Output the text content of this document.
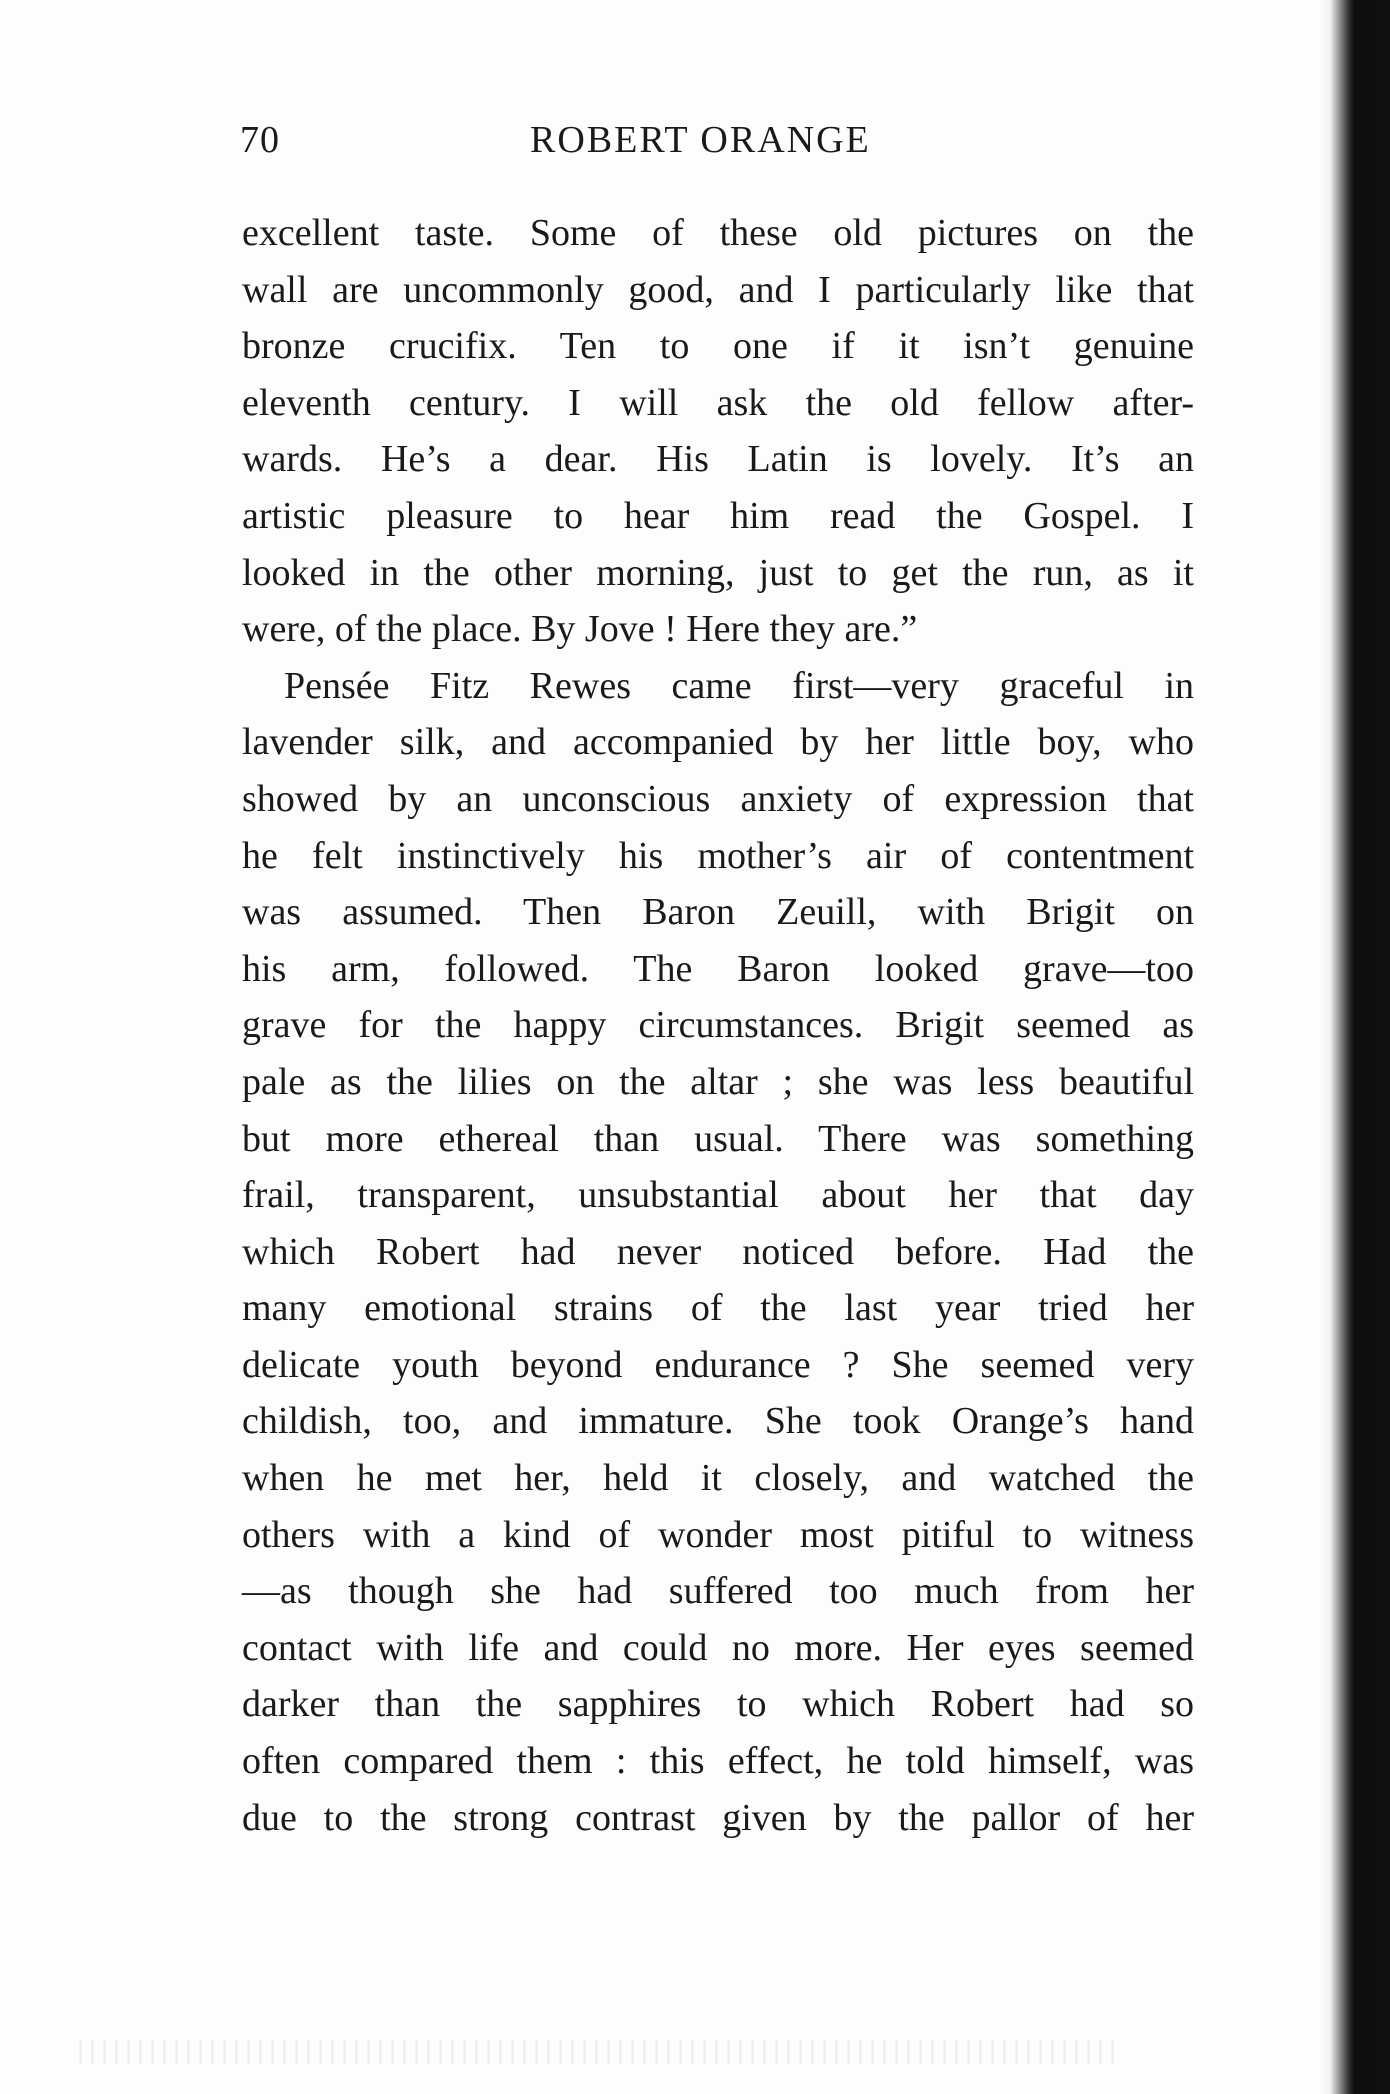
70	ROBERT ORANGE
excellent taste. Some of these old pictures on the
wall are uncommonly good, and I particularly like that
bronze crucifix. Ten to one if it isn’t genuine
eleventh century. I will ask the old fellow after-
wards. He’s a dear. His Latin is lovely. It’s an
artistic pleasure to hear him read the Gospel. I
looked in the other morning, just to get the run, as it
were, of the place. By Jove ! Here they are.”
Pensée Fitz Rewes came first—very graceful in
lavender silk, and accompanied by her little boy, who
showed by an unconscious anxiety of expression that
he felt instinctively his mother’s air of contentment
was assumed. Then Baron Zeuill, with Brigit on
his arm, followed. The Baron looked grave—too
grave for the happy circumstances. Brigit seemed as
pale as the lilies on the altar ; she was less beautiful
but more ethereal than usual. There was something
frail, transparent, unsubstantial about her that day
which Robert had never noticed before. Had the
many emotional strains of the last year tried her
delicate youth beyond endurance ? She seemed very
childish, too, and immature. She took Orange’s hand
when he met her, held it closely, and watched the
others with a kind of wonder most pitiful to witness
—as though she had suffered too much from her
contact with life and could no more. Her eyes seemed
darker than the sapphires to which Robert had so
often compared them : this effect, he told himself, was
due to the strong contrast given by the pallor of her
